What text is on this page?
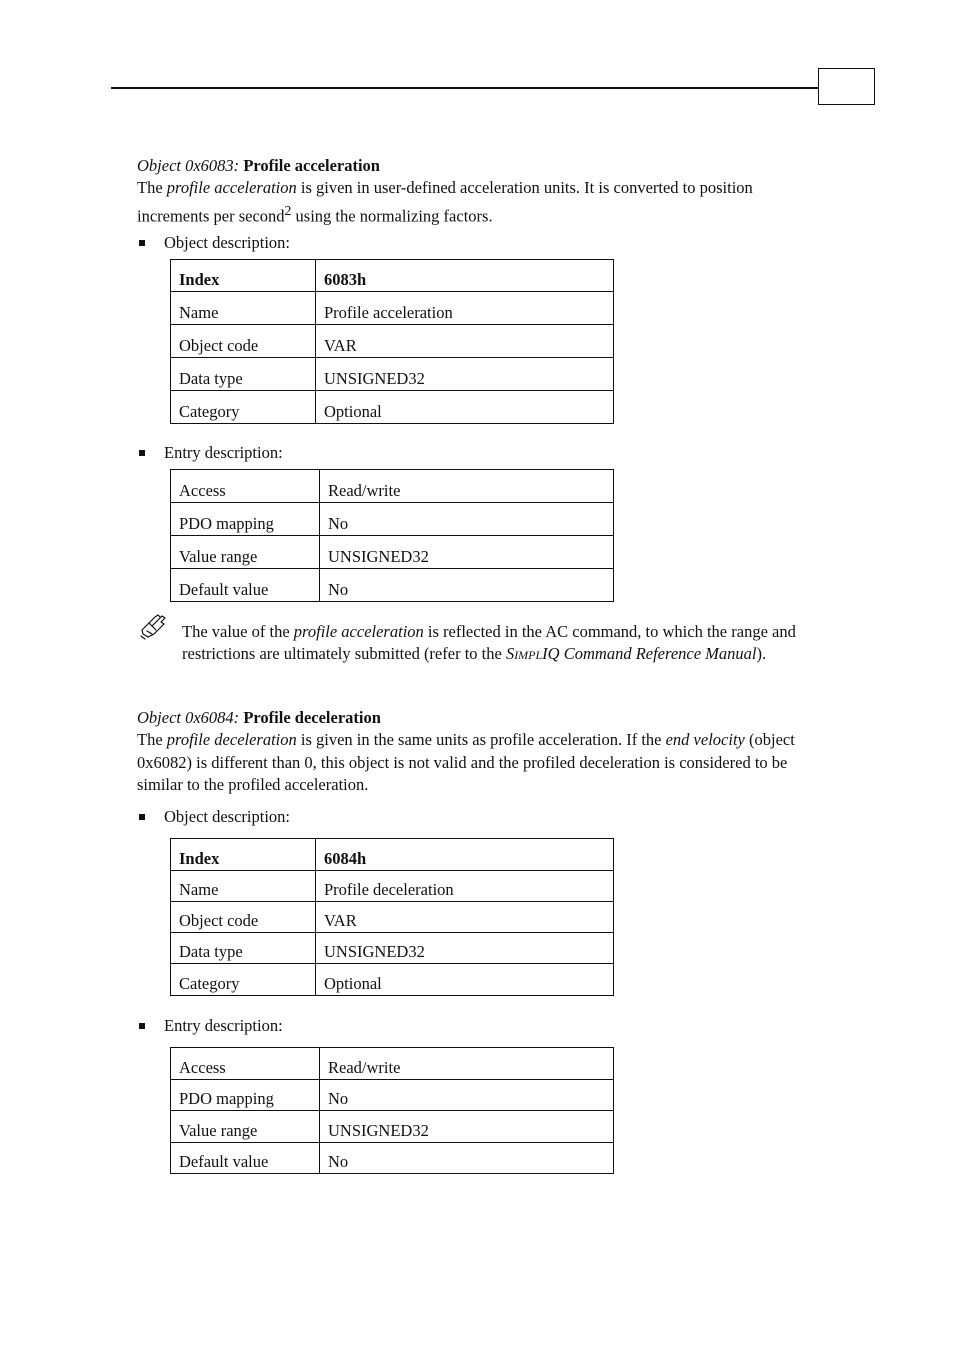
Object 0x6083: Profile acceleration

The profile acceleration is given in user-defined acceleration units. It is converted to position increments per second$^2$ using the normalizing factors.

Object description:
Index	6083h
Name	Profile acceleration
Object code	VAR
Data type	UNSIGNED32
Category	Optional
Entry description:
Access	Read/write
PDO mapping	No
Value range	UNSIGNED32
Default value	No

The value of the profile acceleration is reflected in the AC command, to which the range and restrictions are ultimately submitted (refer to the SimplIQ Command Reference Manual).

Object 0x6084: Profile deceleration

The profile deceleration is given in the same units as profile acceleration. If the end velocity (object 0x6082) is different than 0, this object is not valid and the profiled deceleration is considered to be similar to the profiled acceleration.

Object description:
Index	6084h
Name	Profile deceleration
Object code	VAR
Data type	UNSIGNED32
Category	Optional
Entry description:
Access	Read/write
PDO mapping	No
Value range	UNSIGNED32
Default value	No
